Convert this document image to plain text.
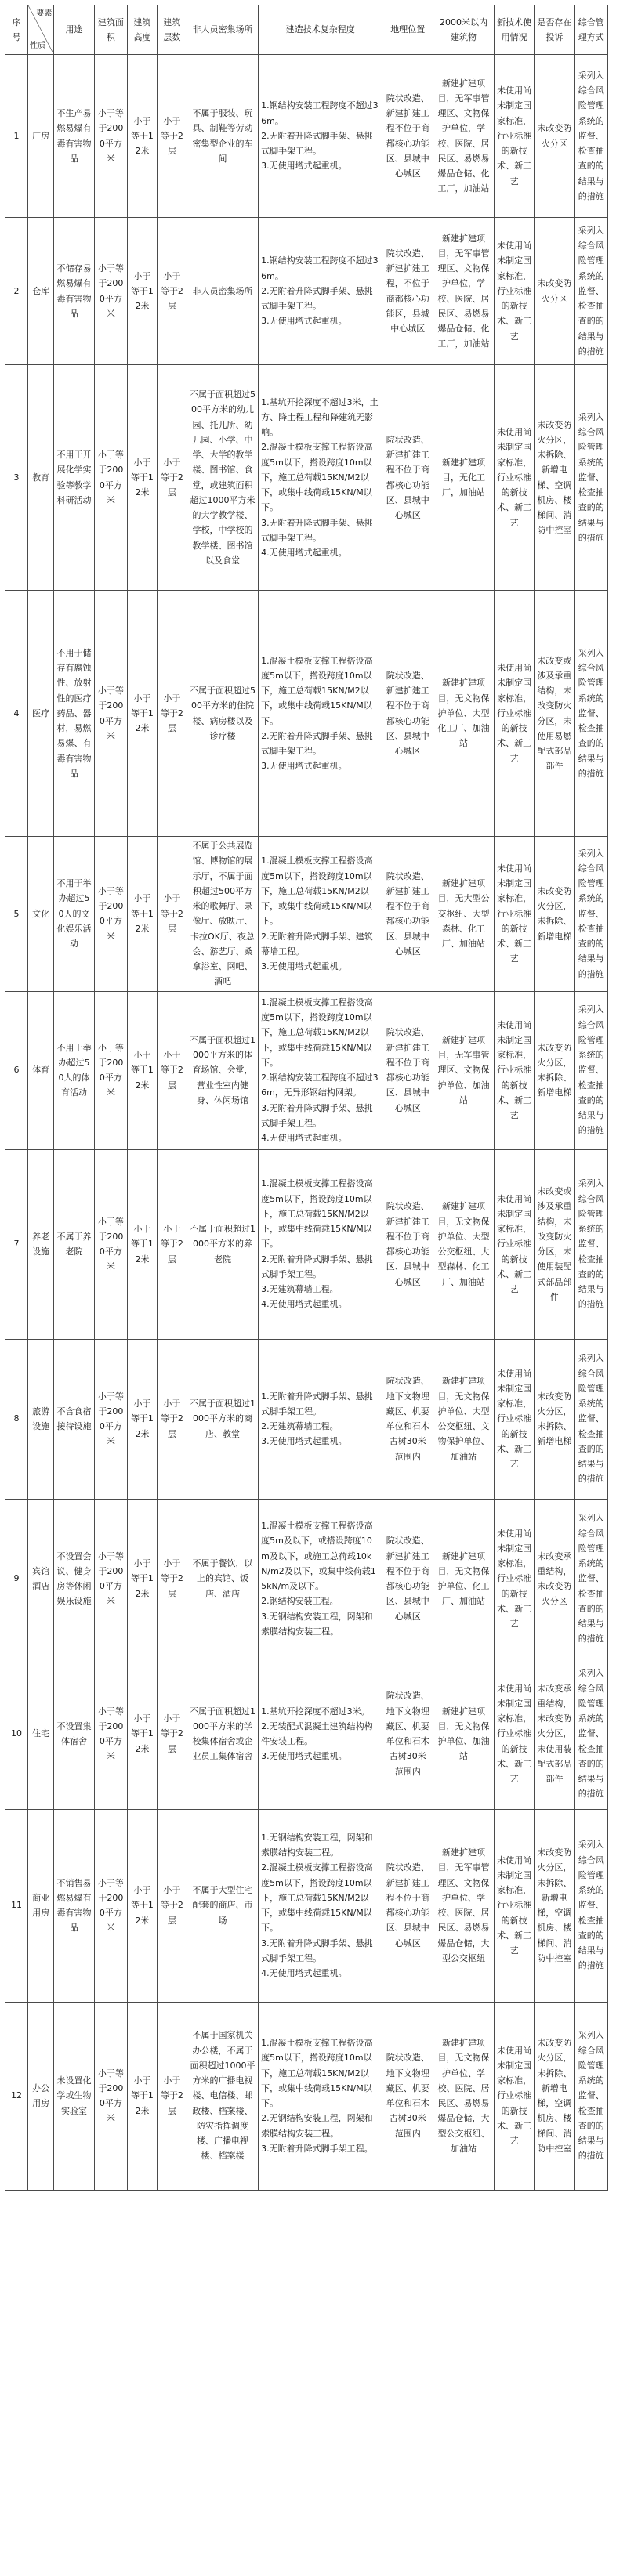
序号	要素
性质	用途	建筑面积	建筑高度	建筑层数	非人员密集场所	建造技术复杂程度	地理位置	2000米以内建筑物	新技术使用情况	是否存在投诉	综合管理方式
1	厂房	不生产易燃易爆有毒有害物品	小于等于2000平方米	小于等于12米	小于等于2层	不属于服装、玩具、制鞋等劳动密集型企业的车间	1.钢结构安装工程跨度不超过36m。
2.无附着升降式脚手架、悬挑式脚手架工程。
3.无使用塔式起重机。	院状改造、新建扩建工程不位于商都核心功能区、县城中心城区	新建扩建项目，无军事管理区、文物保护单位，学校、医院、居民区、易燃易爆品仓储、化工厂，加油站	未使用尚未制定国家标准，行业标准的新技术、新工艺	未改变防火分区	采列入综合风险管理系统的监督、检查抽查的的结果与的措施
2	仓库	不储存易燃易爆有毒有害物品	小于等于2000平方米	小于等于12米	小于等于2层	非人员密集场所	1.钢结构安装工程跨度不超过36m。
2.无附着升降式脚手架、悬挑式脚手架工程。
3.无使用塔式起重机。	院状改造、新建扩建工程，不位于商都核心功能区，县城中心城区	新建扩建项目，无军事管理区、文物保护单位，学校、医院、居民区、易燃易爆品仓储、化工厂，加油站	未使用尚未制定国家标准，行业标准的新技术、新工艺	未改变防火分区	采列入综合风险管理系统的监督、检查抽查的的结果与的措施
3	教育	不用于开展化学实验等教学科研活动	小于等于2000平方米	小于等于12米	小于等于2层	不属于面积超过500平方米的幼儿园、托儿所、幼儿园、小学、中学、大学的教学楼、图书馆、食堂，或建筑面积超过1000平方米的大学教学楼、学校，中学校的教学楼、图书馆以及食堂	1.基坑开挖深度不超过3米，土方、降土程工程和降建筑无影响。
2.混凝土模板支撑工程搭设高度5m以下，搭设跨度10m以下，施工总荷载15KN/M2以下，或集中线荷载15KN/M以下。
3.无附着升降式脚手架、悬挑式脚手架工程。
4.无使用塔式起重机。	院状改造、新建扩建工程不位于商都核心功能区、县城中心城区	新建扩建项目，无化工厂，加油站	未使用尚未制定国家标准，行业标准的新技术、新工艺	未改变防火分区，未拆除、新增电梯、空调机房、楼梯间、消防中控室	采列入综合风险管理系统的监督、检查抽查的的结果与的措施
4	医疗	不用于储存有腐蚀性、放射性的医疗药品、器材，易燃易爆、有毒有害物品	小于等于2000平方米	小于等于12米	小于等于2层	不属于面积超过500平方米的住院楼、病房楼以及诊疗楼	1.混凝土模板支撑工程搭设高度5m以下，搭设跨度10m以下，施工总荷载15KN/M2以下，或集中线荷载15KN/M以下。
2.无附着升降式脚手架、悬挑式脚手架工程。
3.无使用塔式起重机。	院状改造、新建扩建工程不位于商都核心功能区、县城中心城区	新建扩建项目，无文物保护单位、大型化工厂、加油站	未使用尚未制定国家标准，行业标准的新技术、新工艺	未改变或涉及承重结构，未改变防火分区，未使用易燃配式部品部件	采列入综合风险管理系统的监督、检查抽查的的结果与的措施
5	文化	不用于举办超过50人的文化娱乐活动	小于等于2000平方米	小于等于12米	小于等于2层	不属于公共展览馆、博物馆的展示厅，不属于面积超过500平方米的歌舞厅、录像厅、放映厅、卡拉OK厅、夜总会、游艺厅、桑拿浴室、网吧、酒吧	1.混凝土模板支撑工程搭设高度5m以下，搭设跨度10m以下，施工总荷载15KN/M2以下，或集中线荷载15KN/M以下。
2.无附着升降式脚手架、建筑幕墙工程。
3.无使用塔式起重机。	院状改造、新建扩建工程不位于商都核心功能区、县城中心城区	新建扩建项目，无大型公交枢纽、大型森林、化工厂、加油站	未使用尚未制定国家标准，行业标准的新技术、新工艺	未改变防火分区，未拆除、新增电梯	采列入综合风险管理系统的监督、检查抽查的的结果与的措施
6	体育	不用于举办超过50人的体育活动	小于等于2000平方米	小于等于12米	小于等于2层	不属于面积超过1000平方米的体育场馆、会堂，营业性室内健身、休闲场馆	1.混凝土模板支撑工程搭设高度5m以下，搭设跨度10m以下，施工总荷载15KN/M2以下，或集中线荷载15KN/M以下。
2.钢结构安装工程跨度不超过36m，无异形钢结构网架。
3.无附着升降式脚手架、悬挑式脚手架工程。
4.无使用塔式起重机。	院状改造、新建扩建工程不位于商都核心功能区、县城中心城区	新建扩建项目，无军事管理区、文物保护单位、加油站	未使用尚未制定国家标准，行业标准的新技术、新工艺	未改变防火分区，未拆除、新增电梯	采列入综合风险管理系统的监督、检查抽查的的结果与的措施
7	养老设施	不属于养老院	小于等于2000平方米	小于等于12米	小于等于2层	不属于面积超过1000平方米的养老院	1.混凝土模板支撑工程搭设高度5m以下，搭设跨度10m以下，施工总荷载15KN/M2以下，或集中线荷载15KN/M以下。
2.无附着升降式脚手架、悬挑式脚手架工程。
3.无建筑幕墙工程。
4.无使用塔式起重机。	院状改造、新建扩建工程不位于商都核心功能区、县城中心城区	新建扩建项目，无文物保护单位、大型公交枢纽、大型森林、化工厂、加油站	未使用尚未制定国家标准，行业标准的新技术、新工艺	未改变或涉及承重结构，未改变防火分区，未使用装配式部品部件	采列入综合风险管理系统的监督、检查抽查的的结果与的措施
8	旅游设施	不含食宿接待设施	小于等于2000平方米	小于等于12米	小于等于2层	不属于面积超过1000平方米的商店、教堂	1.无附着升降式脚手架、悬挑式脚手架工程。
2.无建筑幕墙工程。
3.无使用塔式起重机。	院状改造、地下文物埋藏区、机要单位和石木古树30米范围内	新建扩建项目，无文物保护单位、大型公交枢纽、文物保护单位、加油站	未使用尚未制定国家标准，行业标准的新技术、新工艺	未改变防火分区，未拆除、新增电梯	采列入综合风险管理系统的监督、检查抽查的的结果与的措施
9	宾馆酒店	不设置会议、健身房等休闲娱乐设施	小于等于2000平方米	小于等于12米	小于等于2层	不属于餐饮，以上的宾馆、饭店、酒店	1.混凝土模板支撑工程搭设高度5m及以下，或搭设跨度10m及以下，或施工总荷载10kN/m2及以下，或集中线荷载15kN/m及以下。
2.钢结构安装工程。
3.无钢结构安装工程，网架和索膜结构安装工程。	院状改造、新建扩建工程不位于商都核心功能区、县城中心城区	新建扩建项目，无文物保护单位、化工厂、加油站	未使用尚未制定国家标准，行业标准的新技术、新工艺	未改变承重结构，未改变防火分区	采列入综合风险管理系统的监督、检查抽查的的结果与的措施
10	住宅	不设置集体宿舍	小于等于2000平方米	小于等于12米	小于等于2层	不属于面积超过1000平方米的学校集体宿舍或企业员工集体宿舍	1.基坑开挖深度不超过3米。
2.无装配式混凝土建筑结构构件安装工程。
3.无使用塔式起重机。	院状改造、地下文物埋藏区、机要单位和石木古树30米范围内	新建扩建项目，无文物保护单位、加油站	未使用尚未制定国家标准，行业标准的新技术、新工艺	未改变承重结构，未改变防火分区，未使用装配式部品部件	采列入综合风险管理系统的监督、检查抽查的的结果与的措施
11	商业用房	不销售易燃易爆有毒有害物品	小于等于2000平方米	小于等于12米	小于等于2层	不属于大型住宅配套的商店、市场	1.无钢结构安装工程，网架和索膜结构安装工程。
2.混凝土模板支撑工程搭设高度5m以下，搭设跨度10m以下，施工总荷载15KN/M2以下，或集中线荷载15KN/M以下。
3.无附着升降式脚手架、悬挑式脚手架工程。
4.无使用塔式起重机。	院状改造、新建扩建工程不位于商都核心功能区、县城中心城区	新建扩建项目，无军事管理区、文物保护单位、学校、医院、居民区、易燃易爆品仓储，大型公交枢纽	未使用尚未制定国家标准，行业标准的新技术、新工艺	未改变防火分区，未拆除、新增电梯，空调机房、楼梯间、消防中控室	采列入综合风险管理系统的监督、检查抽查的的结果与的措施
12	办公用房	未设置化学或生物实验室	小于等于2000平方米	小于等于12米	小于等于2层	不属于国家机关办公楼，不属于面积超过1000平方米的广播电视楼、电信楼、邮政楼、档案楼、防灾指挥调度楼、广播电视楼、档案楼	1.混凝土模板支撑工程搭设高度5m以下，搭设跨度10m以下，施工总荷载15KN/M2以下，或集中线荷载15KN/M以下。
2.无钢结构安装工程，网架和索膜结构安装工程。
3.无附着升降式脚手架工程。	院状改造、地下文物埋藏区、机要单位和石木古树30米范围内	新建扩建项目，无文物保护单位、学校、医院、居民区、易燃易爆品仓储，大型公交枢纽、加油站	未使用尚未制定国家标准，行业标准的新技术、新工艺	未改变防火分区，未拆除、新增电梯，空调机房、楼梯间、消防中控室	采列入综合风险管理系统的监督、检查抽查的的结果与的措施
